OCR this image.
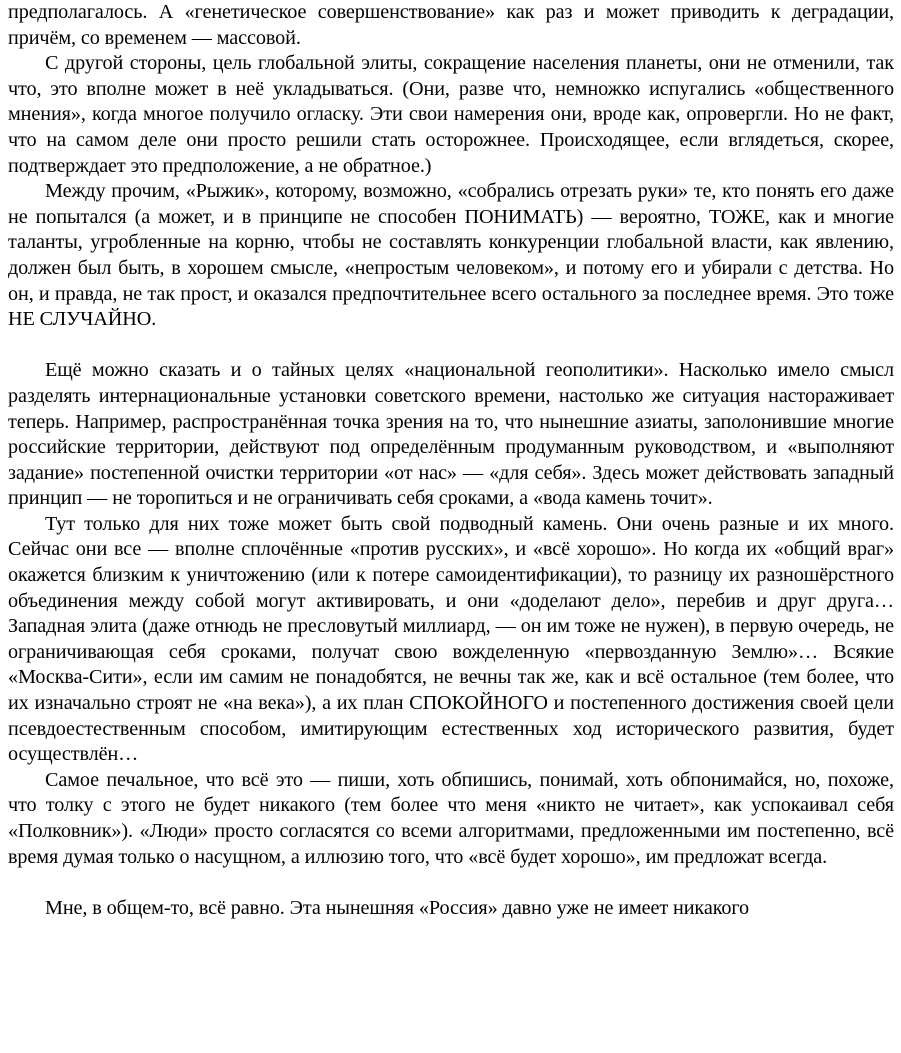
предполагалось. А «генетическое совершенствование» как раз и может приводить к деградации, причём, со временем — массовой.

С другой стороны, цель глобальной элиты, сокращение населения планеты, они не отменили, так что, это вполне может в неё укладываться. (Они, разве что, немножко испугались «общественного мнения», когда многое получило огласку. Эти свои намерения они, вроде как, опровергли. Но не факт, что на самом деле они просто решили стать осторожнее. Происходящее, если вглядеться, скорее, подтверждает это предположение, а не обратное.)

Между прочим, «Рыжик», которому, возможно, «собрались отрезать руки» те, кто понять его даже не попытался (а может, и в принципе не способен ПОНИМАТЬ) — вероятно, ТОЖЕ, как и многие таланты, угробленные на корню, чтобы не составлять конкуренции глобальной власти, как явлению, должен был быть, в хорошем смысле, «непростым человеком», и потому его и убирали с детства. Но он, и правда, не так прост, и оказался предпочтительнее всего остального за последнее время. Это тоже НЕ СЛУЧАЙНО.

Ещё можно сказать и о тайных целях «национальной геополитики». Насколько имело смысл разделять интернациональные установки советского времени, настолько же ситуация настораживает теперь. Например, распространённая точка зрения на то, что нынешние азиаты, заполонившие многие российские территории, действуют под определённым продуманным руководством, и «выполняют задание» постепенной очистки территории «от нас» — «для себя». Здесь может действовать западный принцип — не торопиться и не ограничивать себя сроками, а «вода камень точит».

Тут только для них тоже может быть свой подводный камень. Они очень разные и их много. Сейчас они все — вполне сплочённые «против русских», и «всё хорошо». Но когда их «общий враг» окажется близким к уничтожению (или к потере самоидентификации), то разницу их разношёрстного объединения между собой могут активировать, и они «доделают дело», перебив и друг друга… Западная элита (даже отнюдь не пресловутый миллиард, — он им тоже не нужен), в первую очередь, не ограничивающая себя сроками, получат свою вожделенную «первозданную Землю»… Всякие «Москва-Сити», если им самим не понадобятся, не вечны так же, как и всё остальное (тем более, что их изначально строят не «на века»), а их план СПОКОЙНОГО и постепенного достижения своей цели псевдоестественным способом, имитирующим естественных ход исторического развития, будет осуществлён…

Самое печальное, что всё это — пиши, хоть обпишись, понимай, хоть обпонимайся, но, похоже, что толку с этого не будет никакого (тем более что меня «никто не читает», как успокаивал себя «Полковник»). «Люди» просто согласятся со всеми алгоритмами, предложенными им постепенно, всё время думая только о насущном, а иллюзию того, что «всё будет хорошо», им предложат всегда.

Мне, в общем-то, всё равно. Эта нынешняя «Россия» давно уже не имеет никакого
